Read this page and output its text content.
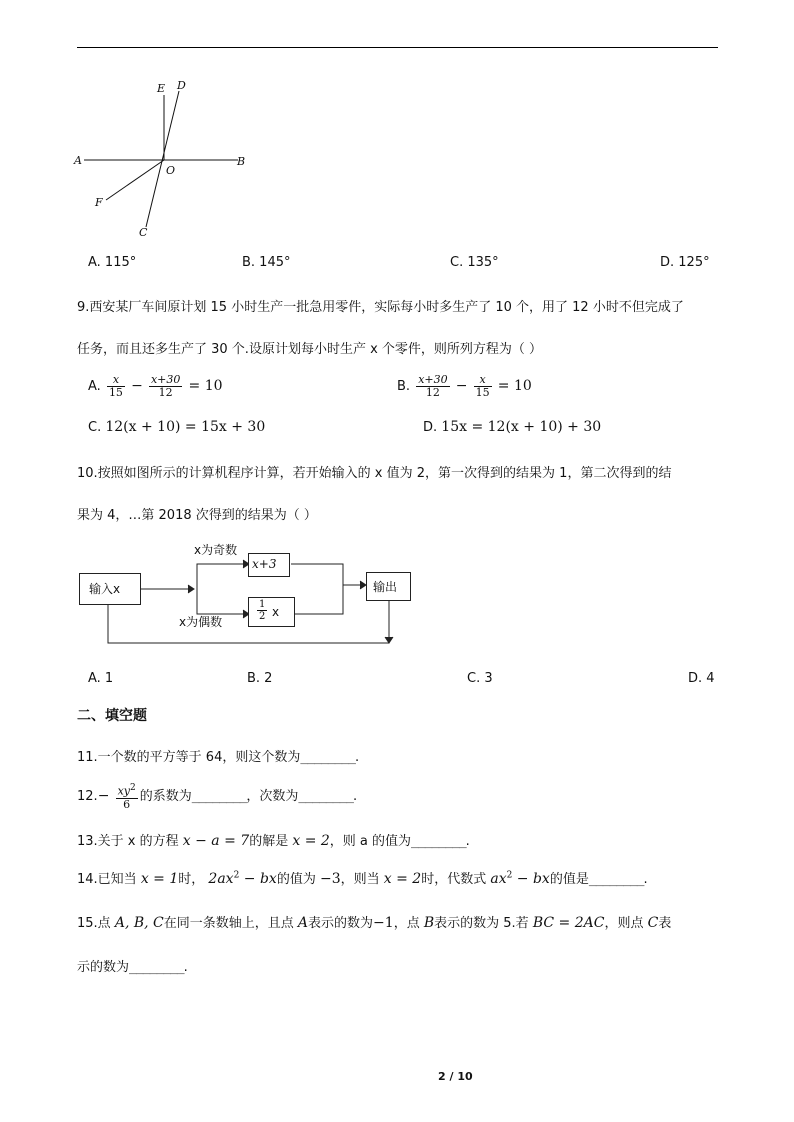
E D
A
O
B
F
C
A. 115°	B. 145°	C. 135°	D. 125°
9.西安某厂车间原计划 15 小时生产一批急用零件，实际每小时多生产了 10 个，用了 12 小时不但完成了
任务，而且还多生产了 30 个.设原计划每小时生产 x 个零件，则所列方程为（ ）
A. $\frac{x}{15} - \frac{x+30}{12} = 10$	B. $\frac{x+30}{12} - \frac{x}{15} = 10$
C. 12(x + 10) = 15x + 30	D. 15x = 12(x + 10) + 30
10.按照如图所示的计算机程序计算，若开始输入的 x 值为 2，第一次得到的结果为 1，第二次得到的结
果为 4，…第 2018 次得到的结果为（ ）
输入x
x为奇数
x+3
$\frac{1}{2}$ x
x为偶数
输出
A. 1	B. 2	C. 3	D. 4
二、填空题
11.一个数的平方等于 64，则这个数为________.
$12.- \frac{xy^2}{6}$ 的系数为________，次数为________.
13.关于 x 的方程 x − a = 7的解是 x = 2，则 a 的值为________.
14.已知当 x = 1时， $2ax^2$ − bx的值为 −3，则当 x = 2时，代数式 $ax^2$ − bx的值是________.
15.点 A, B, C在同一条数轴上，且点 A表示的数为−1，点 B表示的数为 5.若 BC = 2AC，则点 C表
示的数为________.
2 / 10
